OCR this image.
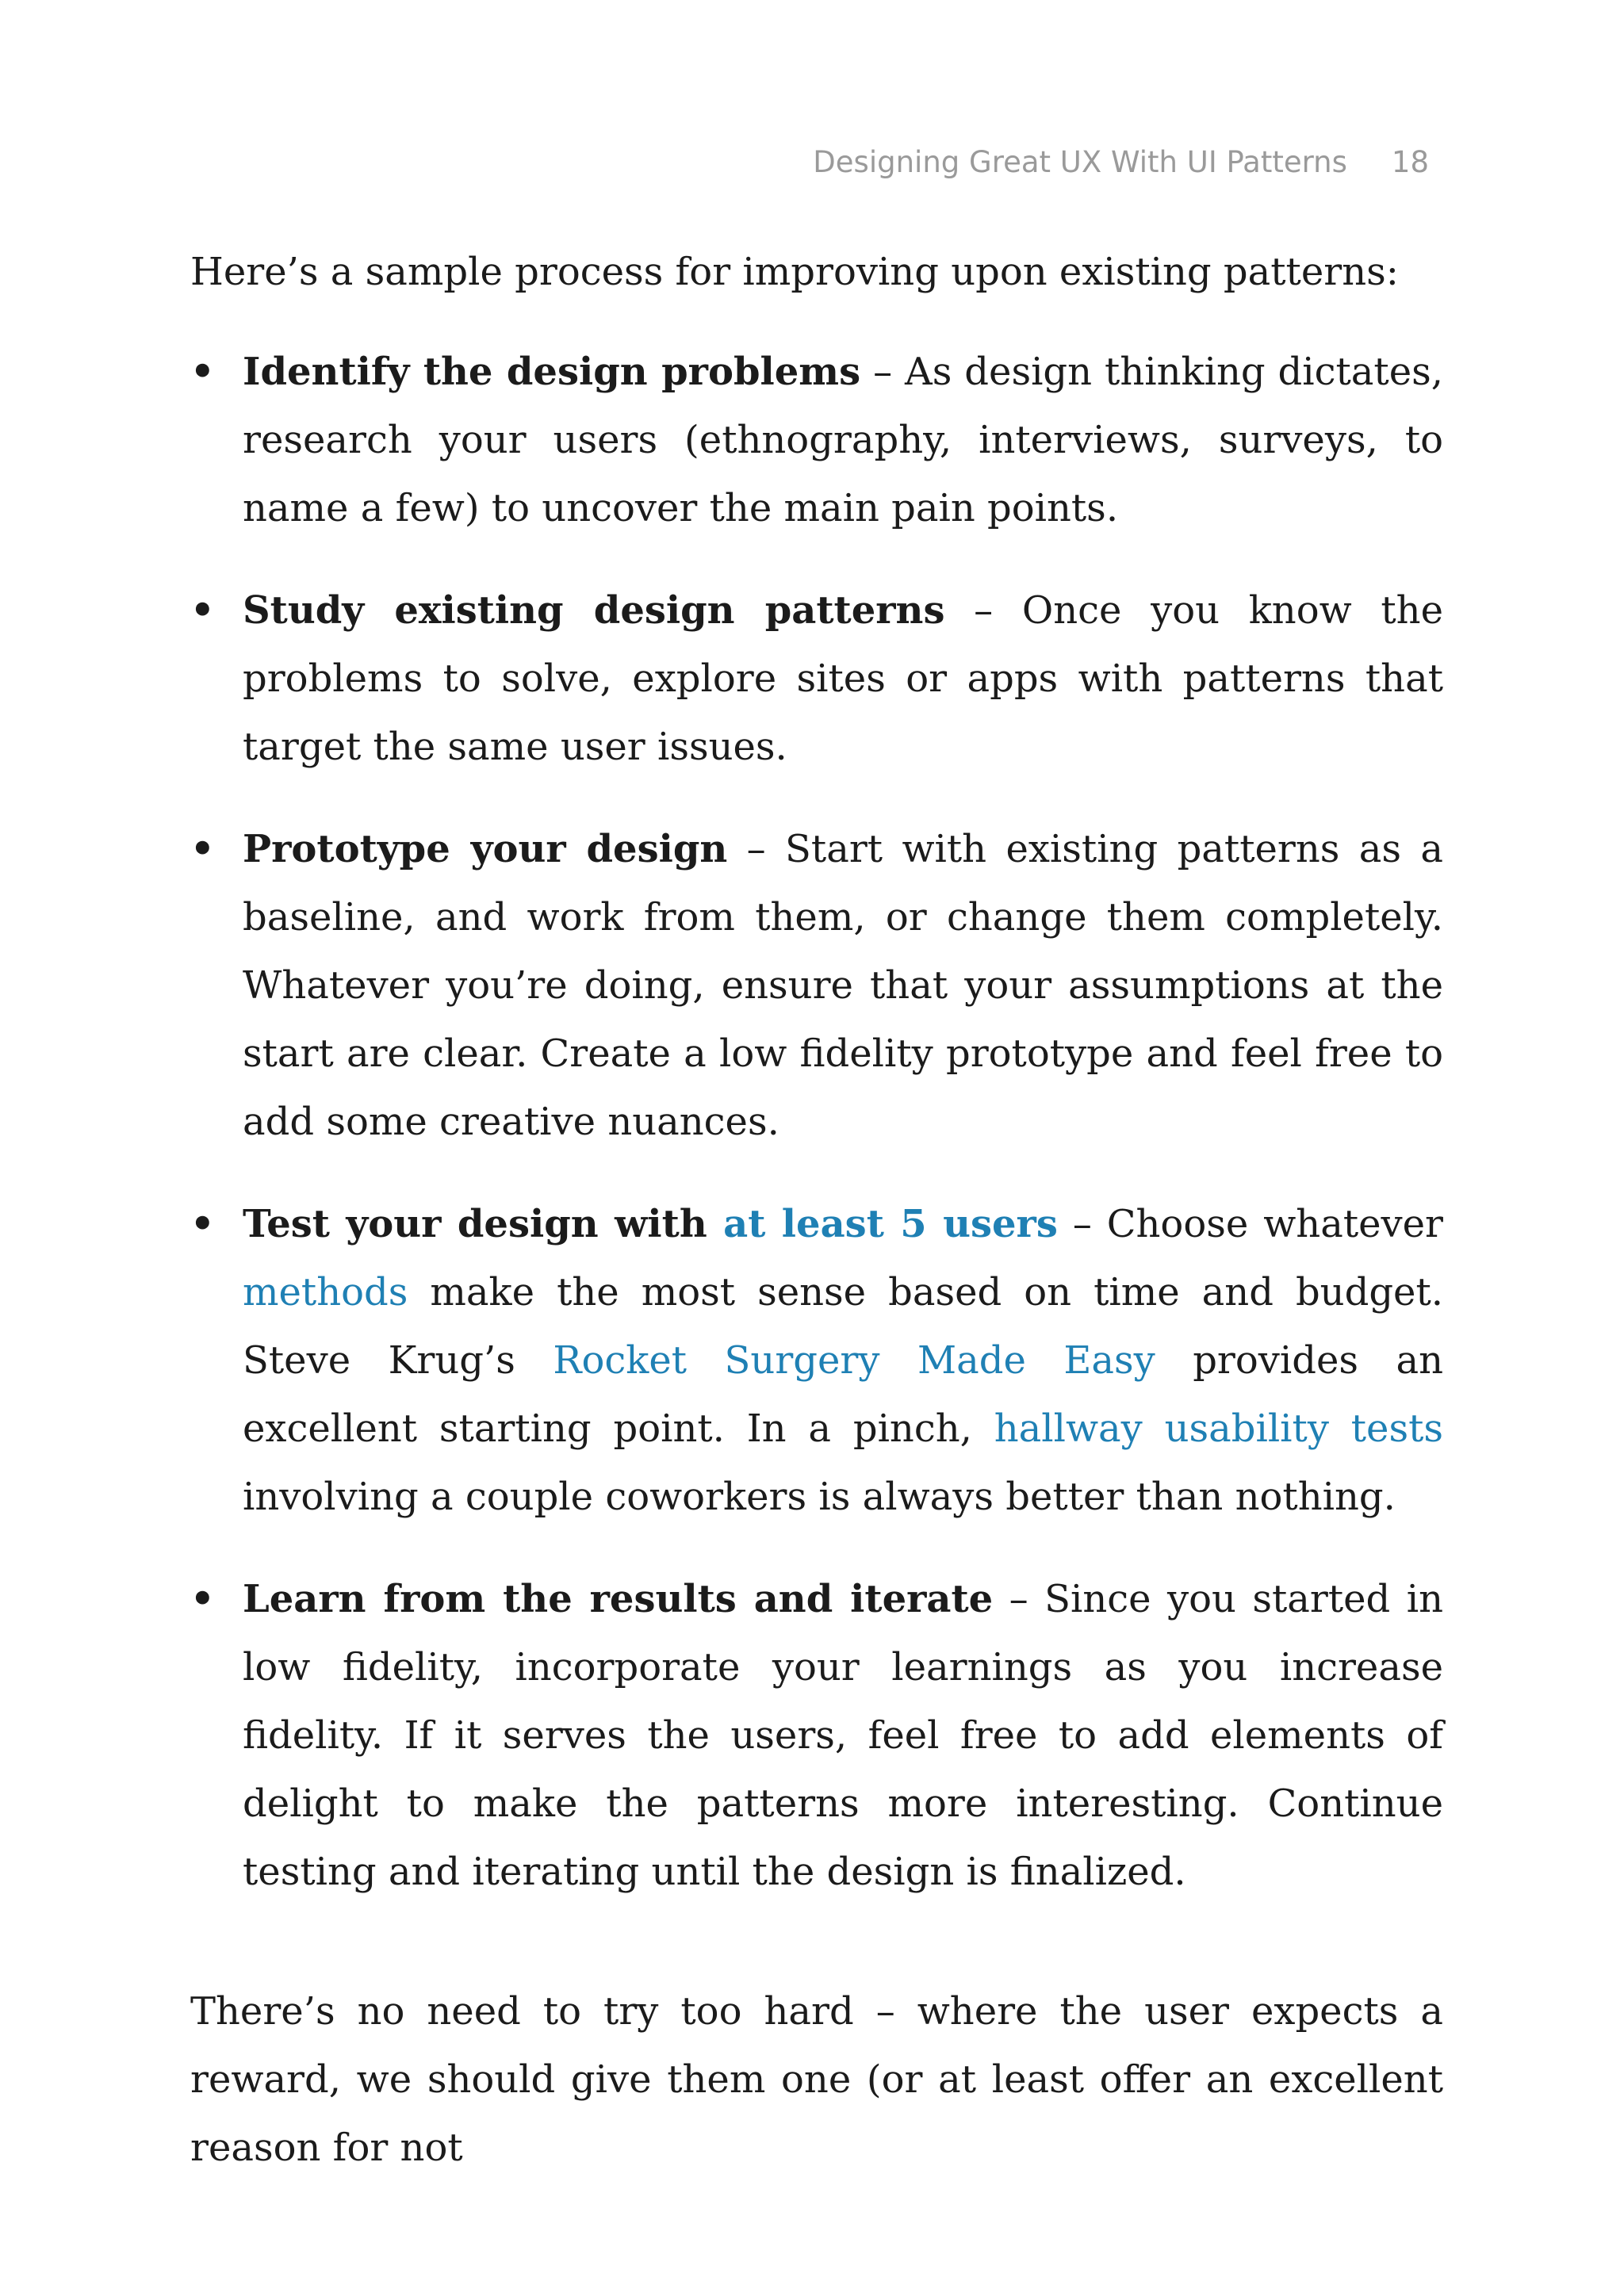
Designing Great UX With UI Patterns 18

Here’s a sample process for improving upon existing patterns:

• Identify the design problems – As design thinking dictates, research your users (ethnography, interviews, surveys, to name a few) to uncover the main pain points.
• Study existing design patterns – Once you know the problems to solve, explore sites or apps with patterns that target the same user issues.
• Prototype your design – Start with existing patterns as a baseline, and work from them, or change them completely. Whatever you’re doing, ensure that your assumptions at the start are clear. Create a low fidelity prototype and feel free to add some creative nuances.
• Test your design with at least 5 users – Choose whatever methods make the most sense based on time and budget. Steve Krug’s Rocket Surgery Made Easy provides an excellent starting point. In a pinch, hallway usability tests involving a couple coworkers is always better than nothing.
• Learn from the results and iterate – Since you started in low fidelity, incorporate your learnings as you increase fidelity. If it serves the users, feel free to add elements of delight to make the patterns more interesting. Continue testing and iterating until the design is finalized.

There’s no need to try too hard – where the user expects a reward, we should give them one (or at least offer an excellent reason for not
